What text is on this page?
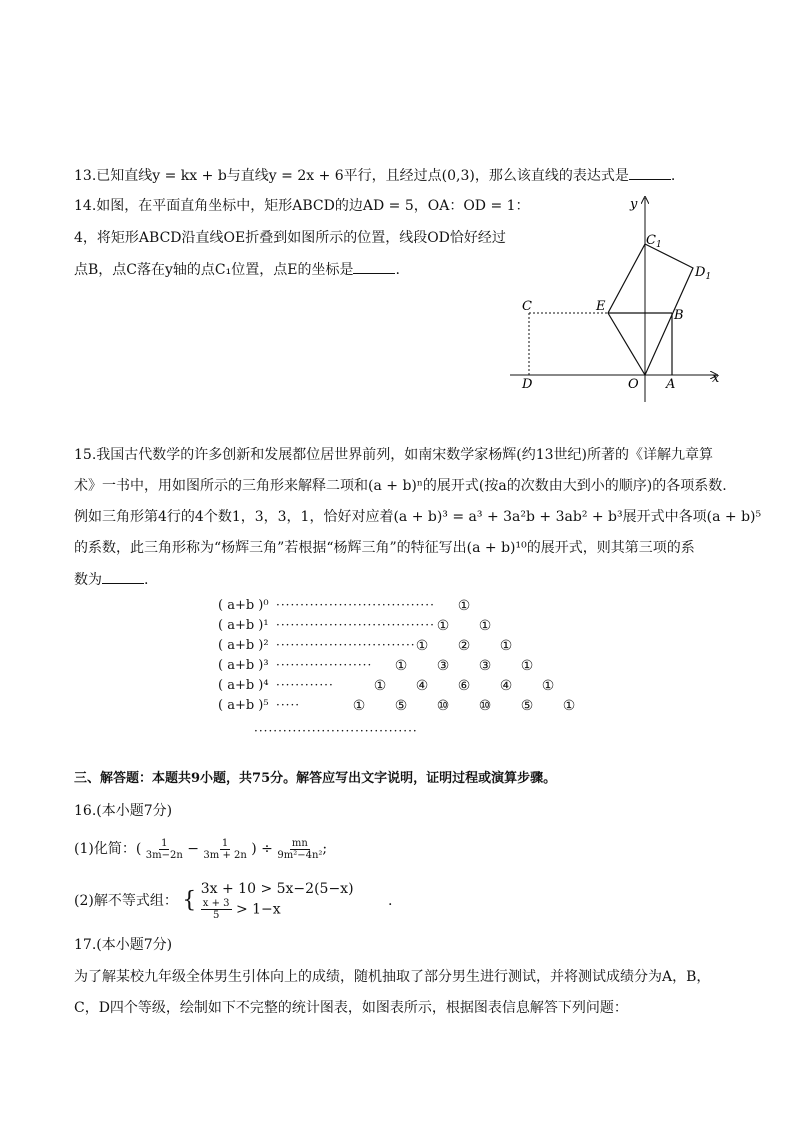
13.已知直线y = kx + b与直线y = 2x + 6平行，且经过点(0,3)，那么该直线的表达式是	.
14.如图，在平面直角坐标中，矩形ABCD的边AD = 5，OA：OD = 1：
4，将矩形ABCD沿直线OE折叠到如图所示的位置，线段OD恰好经过
点B，点C落在y轴的点C₁位置，点E的坐标是	.
y
x
$C_1$
$D_1$
C	E
B
D	O A
15.我国古代数学的许多创新和发展都位居世界前列，如南宋数学家杨辉(约13世纪)所著的《详解九章算
术》一书中，用如图所示的三角形来解释二项和(a + b)ⁿ的展开式(按a的次数由大到小的顺序)的各项系数.
例如三角形第4行的4个数1，3，3，1，恰好对应着(a + b)³ = a³ + 3a²b + 3ab² + b³展开式中各项(a + b)⁵
的系数，此三角形称为“杨辉三角”若根据“杨辉三角”的特征写出(a + b)¹⁰的展开式，则其第三项的系
数为	.
( a+b )⁰ ································· ①
( a+b )¹ ································· ① ①
( a+b )² ····························· ① ② ①
( a+b )³ ···················· ① ③ ③ ①
( a+b )⁴ ············	① ④ ⑥ ④ ①
( a+b )⁵ ·····	① ⑤ ⑩ ⑩ ⑤ ①
··································
三、解答题：本题共9小题，共75分。解答应写出文字说明，证明过程或演算步骤。
16.(本小题7分)
(1)化简：( $\frac{1}{3m-2n} - \frac{1}{3m + 2n}$ ) ÷ $\frac{mn}{\text{9m²−4n²}}$ ;
(2)解不等式组： { 3x + 10 > 5x−2(5−x)
$\frac{x + 3}{5} > 1-x$
.
17.(本小题7分)
为了解某校九年级全体男生引体向上的成绩，随机抽取了部分男生进行测试，并将测试成绩分为A，B，
C，D四个等级，绘制如下不完整的统计图表，如图表所示，根据图表信息解答下列问题：
